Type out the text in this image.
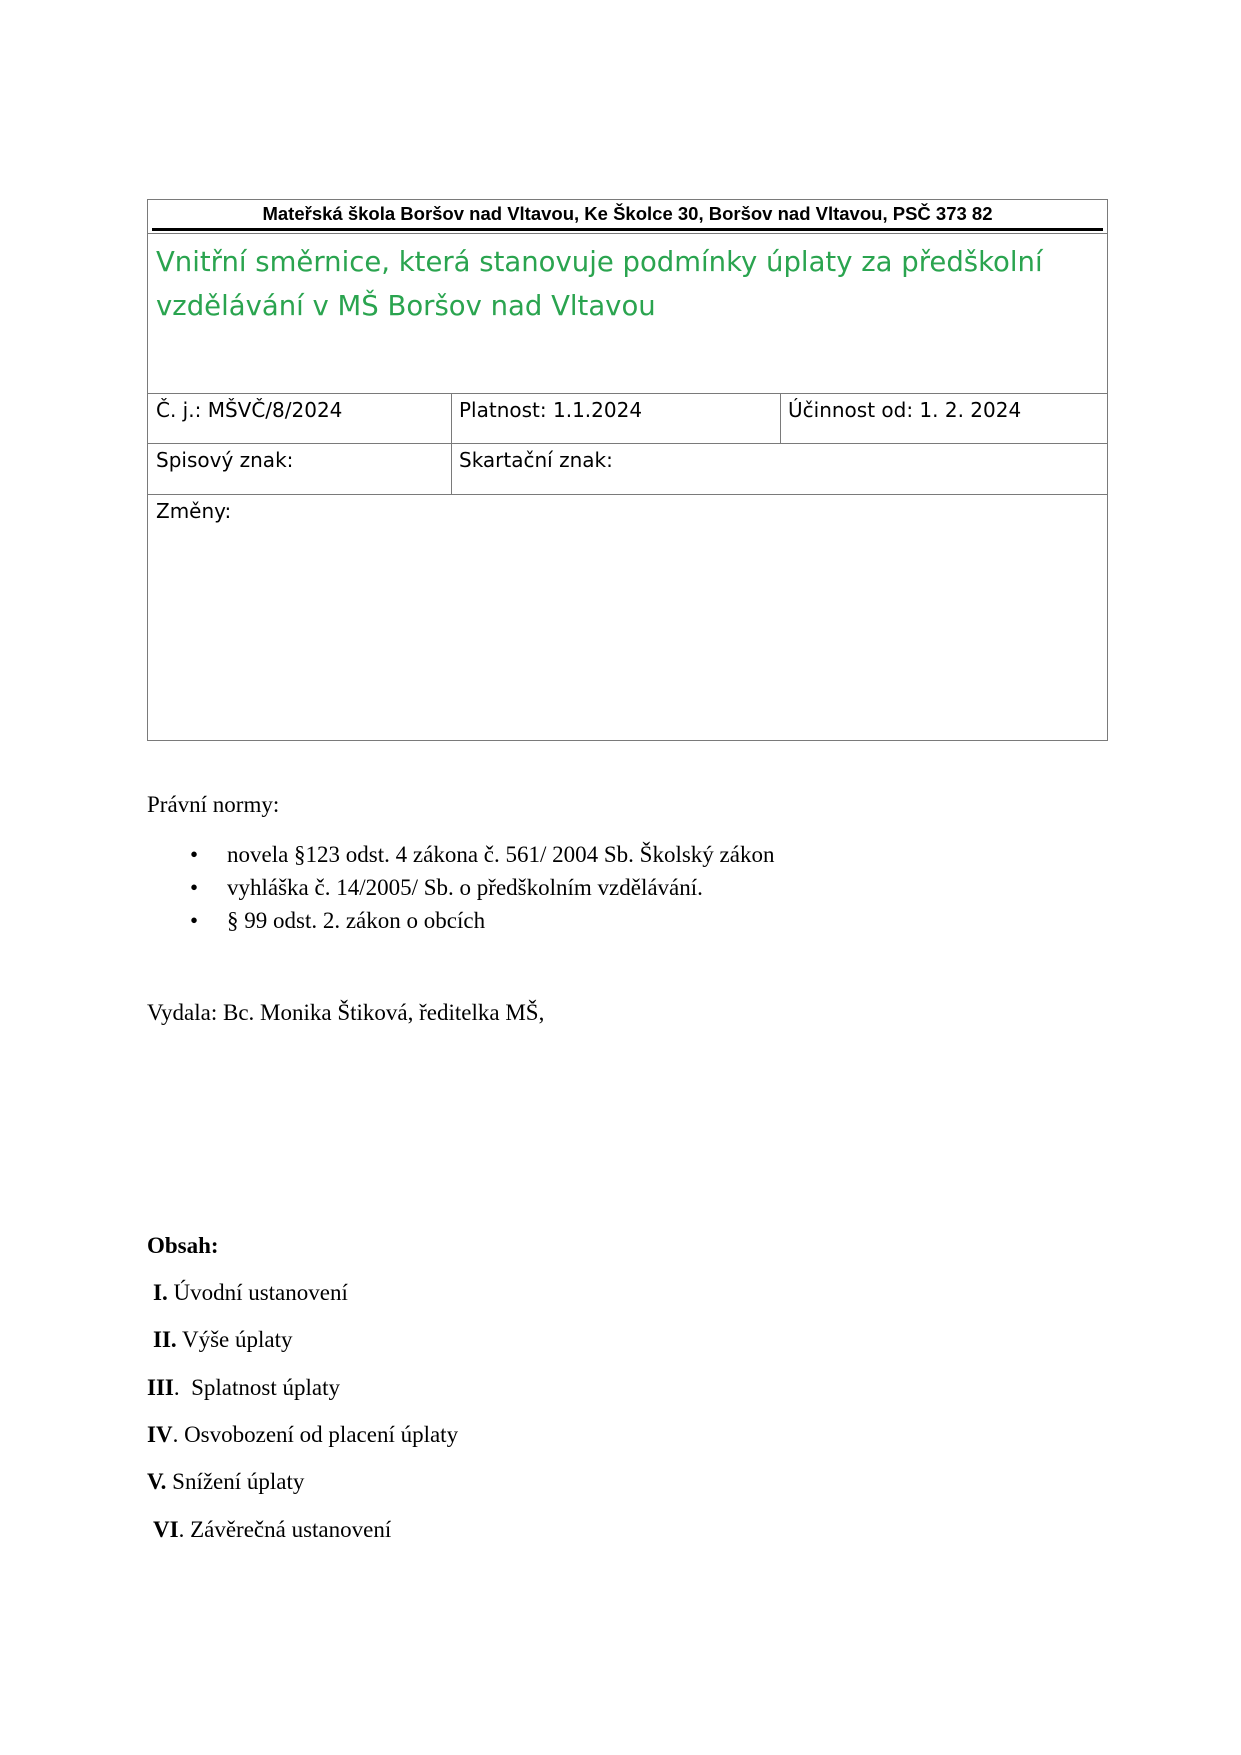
Mateřská škola Boršov nad Vltavou, Ke Školce 30, Boršov nad Vltavou, PSČ 373 82
Vnitřní směrnice, která stanovuje podmínky úplaty za předškolní
vzdělávání v MŠ Boršov nad Vltavou
Č. j.: MŠVČ/8/2024	Platnost: 1.1.2024	Účinnost od: 1. 2. 2024
Spisový znak:	Skartační znak:
Změny:
Právní normy:
• novela §123 odst. 4 zákona č. 561/ 2004 Sb. Školský zákon
• vyhláška č. 14/2005/ Sb. o předškolním vzdělávání.
• § 99 odst. 2. zákon o obcích
Vydala: Bc. Monika Štiková, ředitelka MŠ,
Obsah:
I. Úvodní ustanovení
II. Výše úplaty
III.  Splatnost úplaty
IV. Osvobození od placení úplaty
V. Snížení úplaty
VI. Závěrečná ustanovení
